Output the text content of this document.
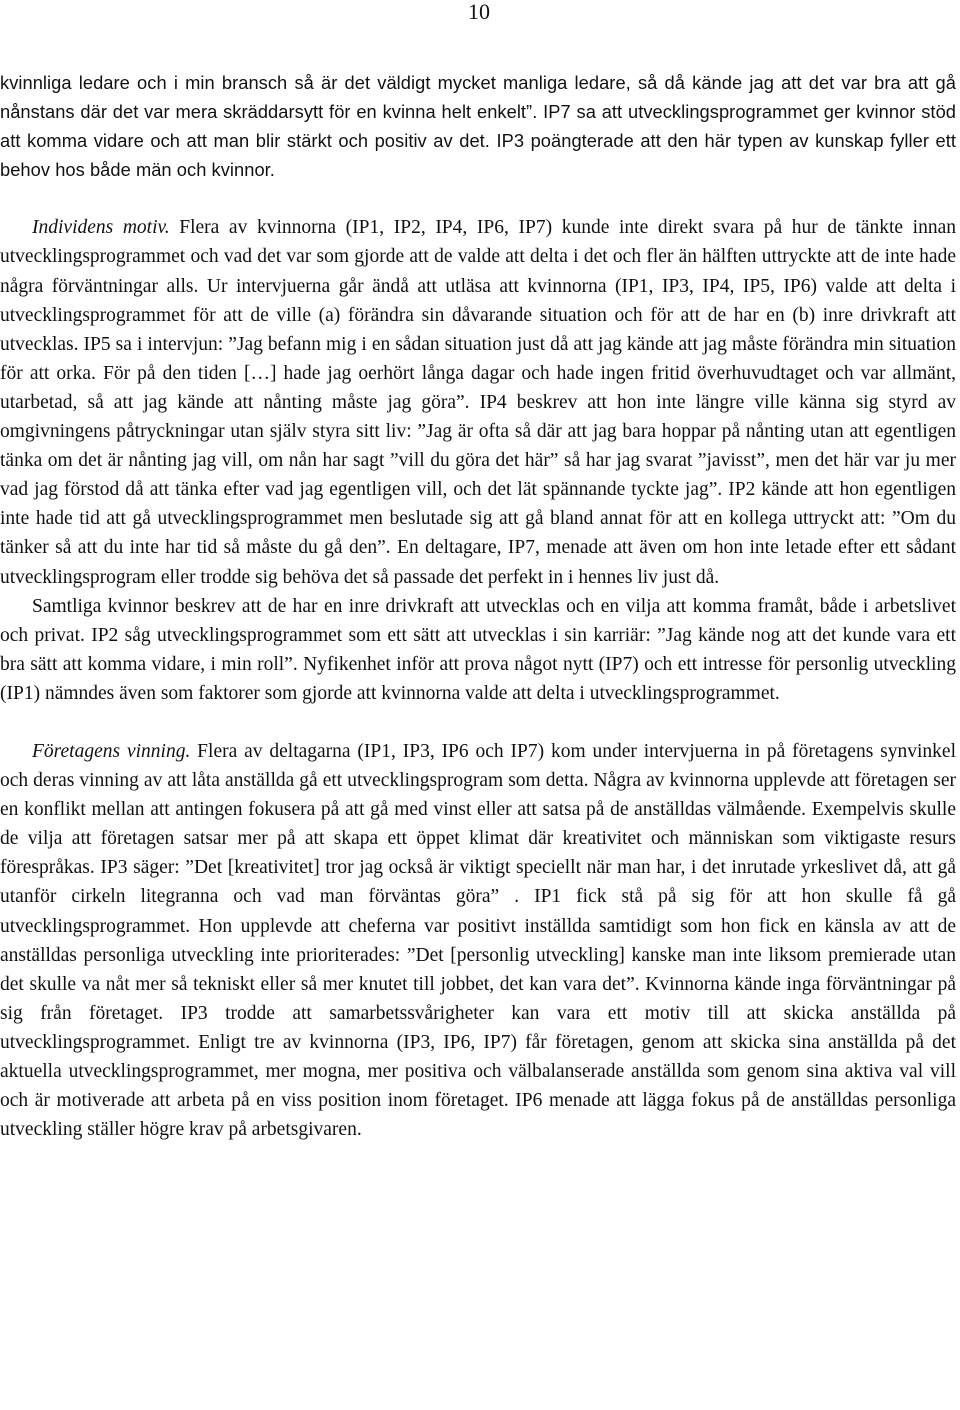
10

kvinnliga ledare och i min bransch så är det väldigt mycket manliga ledare, så då kände jag att det var bra att gå nånstans där det var mera skräddarsytt för en kvinna helt enkelt”. IP7 sa att utvecklingsprogrammet ger kvinnor stöd att komma vidare och att man blir stärkt och positiv av det. IP3 poängterade att den här typen av kunskap fyller ett behov hos både män och kvinnor.

Individens motiv. Flera av kvinnorna (IP1, IP2, IP4, IP6, IP7) kunde inte direkt svara på hur de tänkte innan utvecklingsprogrammet och vad det var som gjorde att de valde att delta i det och fler än hälften uttryckte att de inte hade några förväntningar alls. Ur intervjuerna går ändå att utläsa att kvinnorna (IP1, IP3, IP4, IP5, IP6) valde att delta i utvecklingsprogrammet för att de ville (a) förändra sin dåvarande situation och för att de har en (b) inre drivkraft att utvecklas. IP5 sa i intervjun: ”Jag befann mig i en sådan situation just då att jag kände att jag måste förändra min situation för att orka. För på den tiden […] hade jag oerhört långa dagar och hade ingen fritid överhuvudtaget och var allmänt, utarbetad, så att jag kände att nånting måste jag göra”. IP4 beskrev att hon inte längre ville känna sig styrd av omgivningens påtryckningar utan själv styra sitt liv: ”Jag är ofta så där att jag bara hoppar på nånting utan att egentligen tänka om det är nånting jag vill, om nån har sagt ”vill du göra det här” så har jag svarat ”javisst”, men det här var ju mer vad jag förstod då att tänka efter vad jag egentligen vill, och det lät spännande tyckte jag”. IP2 kände att hon egentligen inte hade tid att gå utvecklingsprogrammet men beslutade sig att gå bland annat för att en kollega uttryckt att: ”Om du tänker så att du inte har tid så måste du gå den”. En deltagare, IP7, menade att även om hon inte letade efter ett sådant utvecklingsprogram eller trodde sig behöva det så passade det perfekt in i hennes liv just då.

Samtliga kvinnor beskrev att de har en inre drivkraft att utvecklas och en vilja att komma framåt, både i arbetslivet och privat. IP2 såg utvecklingsprogrammet som ett sätt att utvecklas i sin karriär: ”Jag kände nog att det kunde vara ett bra sätt att komma vidare, i min roll”. Nyfikenhet inför att prova något nytt (IP7) och ett intresse för personlig utveckling (IP1) nämndes även som faktorer som gjorde att kvinnorna valde att delta i utvecklingsprogrammet.

Företagens vinning. Flera av deltagarna (IP1, IP3, IP6 och IP7) kom under intervjuerna in på företagens synvinkel och deras vinning av att låta anställda gå ett utvecklingsprogram som detta. Några av kvinnorna upplevde att företagen ser en konflikt mellan att antingen fokusera på att gå med vinst eller att satsa på de anställdas välmående. Exempelvis skulle de vilja att företagen satsar mer på att skapa ett öppet klimat där kreativitet och människan som viktigaste resurs förespråkas. IP3 säger: ”Det [kreativitet] tror jag också är viktigt speciellt när man har, i det inrutade yrkeslivet då, att gå utanför cirkeln litegranna och vad man förväntas göra” . IP1 fick stå på sig för att hon skulle få gå utvecklingsprogrammet. Hon upplevde att cheferna var positivt inställda samtidigt som hon fick en känsla av att de anställdas personliga utveckling inte prioriterades: ”Det [personlig utveckling] kanske man inte liksom premierade utan det skulle va nåt mer så tekniskt eller så mer knutet till jobbet, det kan vara det”. Kvinnorna kände inga förväntningar på sig från företaget. IP3 trodde att samarbetssvårigheter kan vara ett motiv till att skicka anställda på utvecklingsprogrammet. Enligt tre av kvinnorna (IP3, IP6, IP7) får företagen, genom att skicka sina anställda på det aktuella utvecklingsprogrammet, mer mogna, mer positiva och välbalanserade anställda som genom sina aktiva val vill och är motiverade att arbeta på en viss position inom företaget. IP6 menade att lägga fokus på de anställdas personliga utveckling ställer högre krav på arbetsgivaren.
